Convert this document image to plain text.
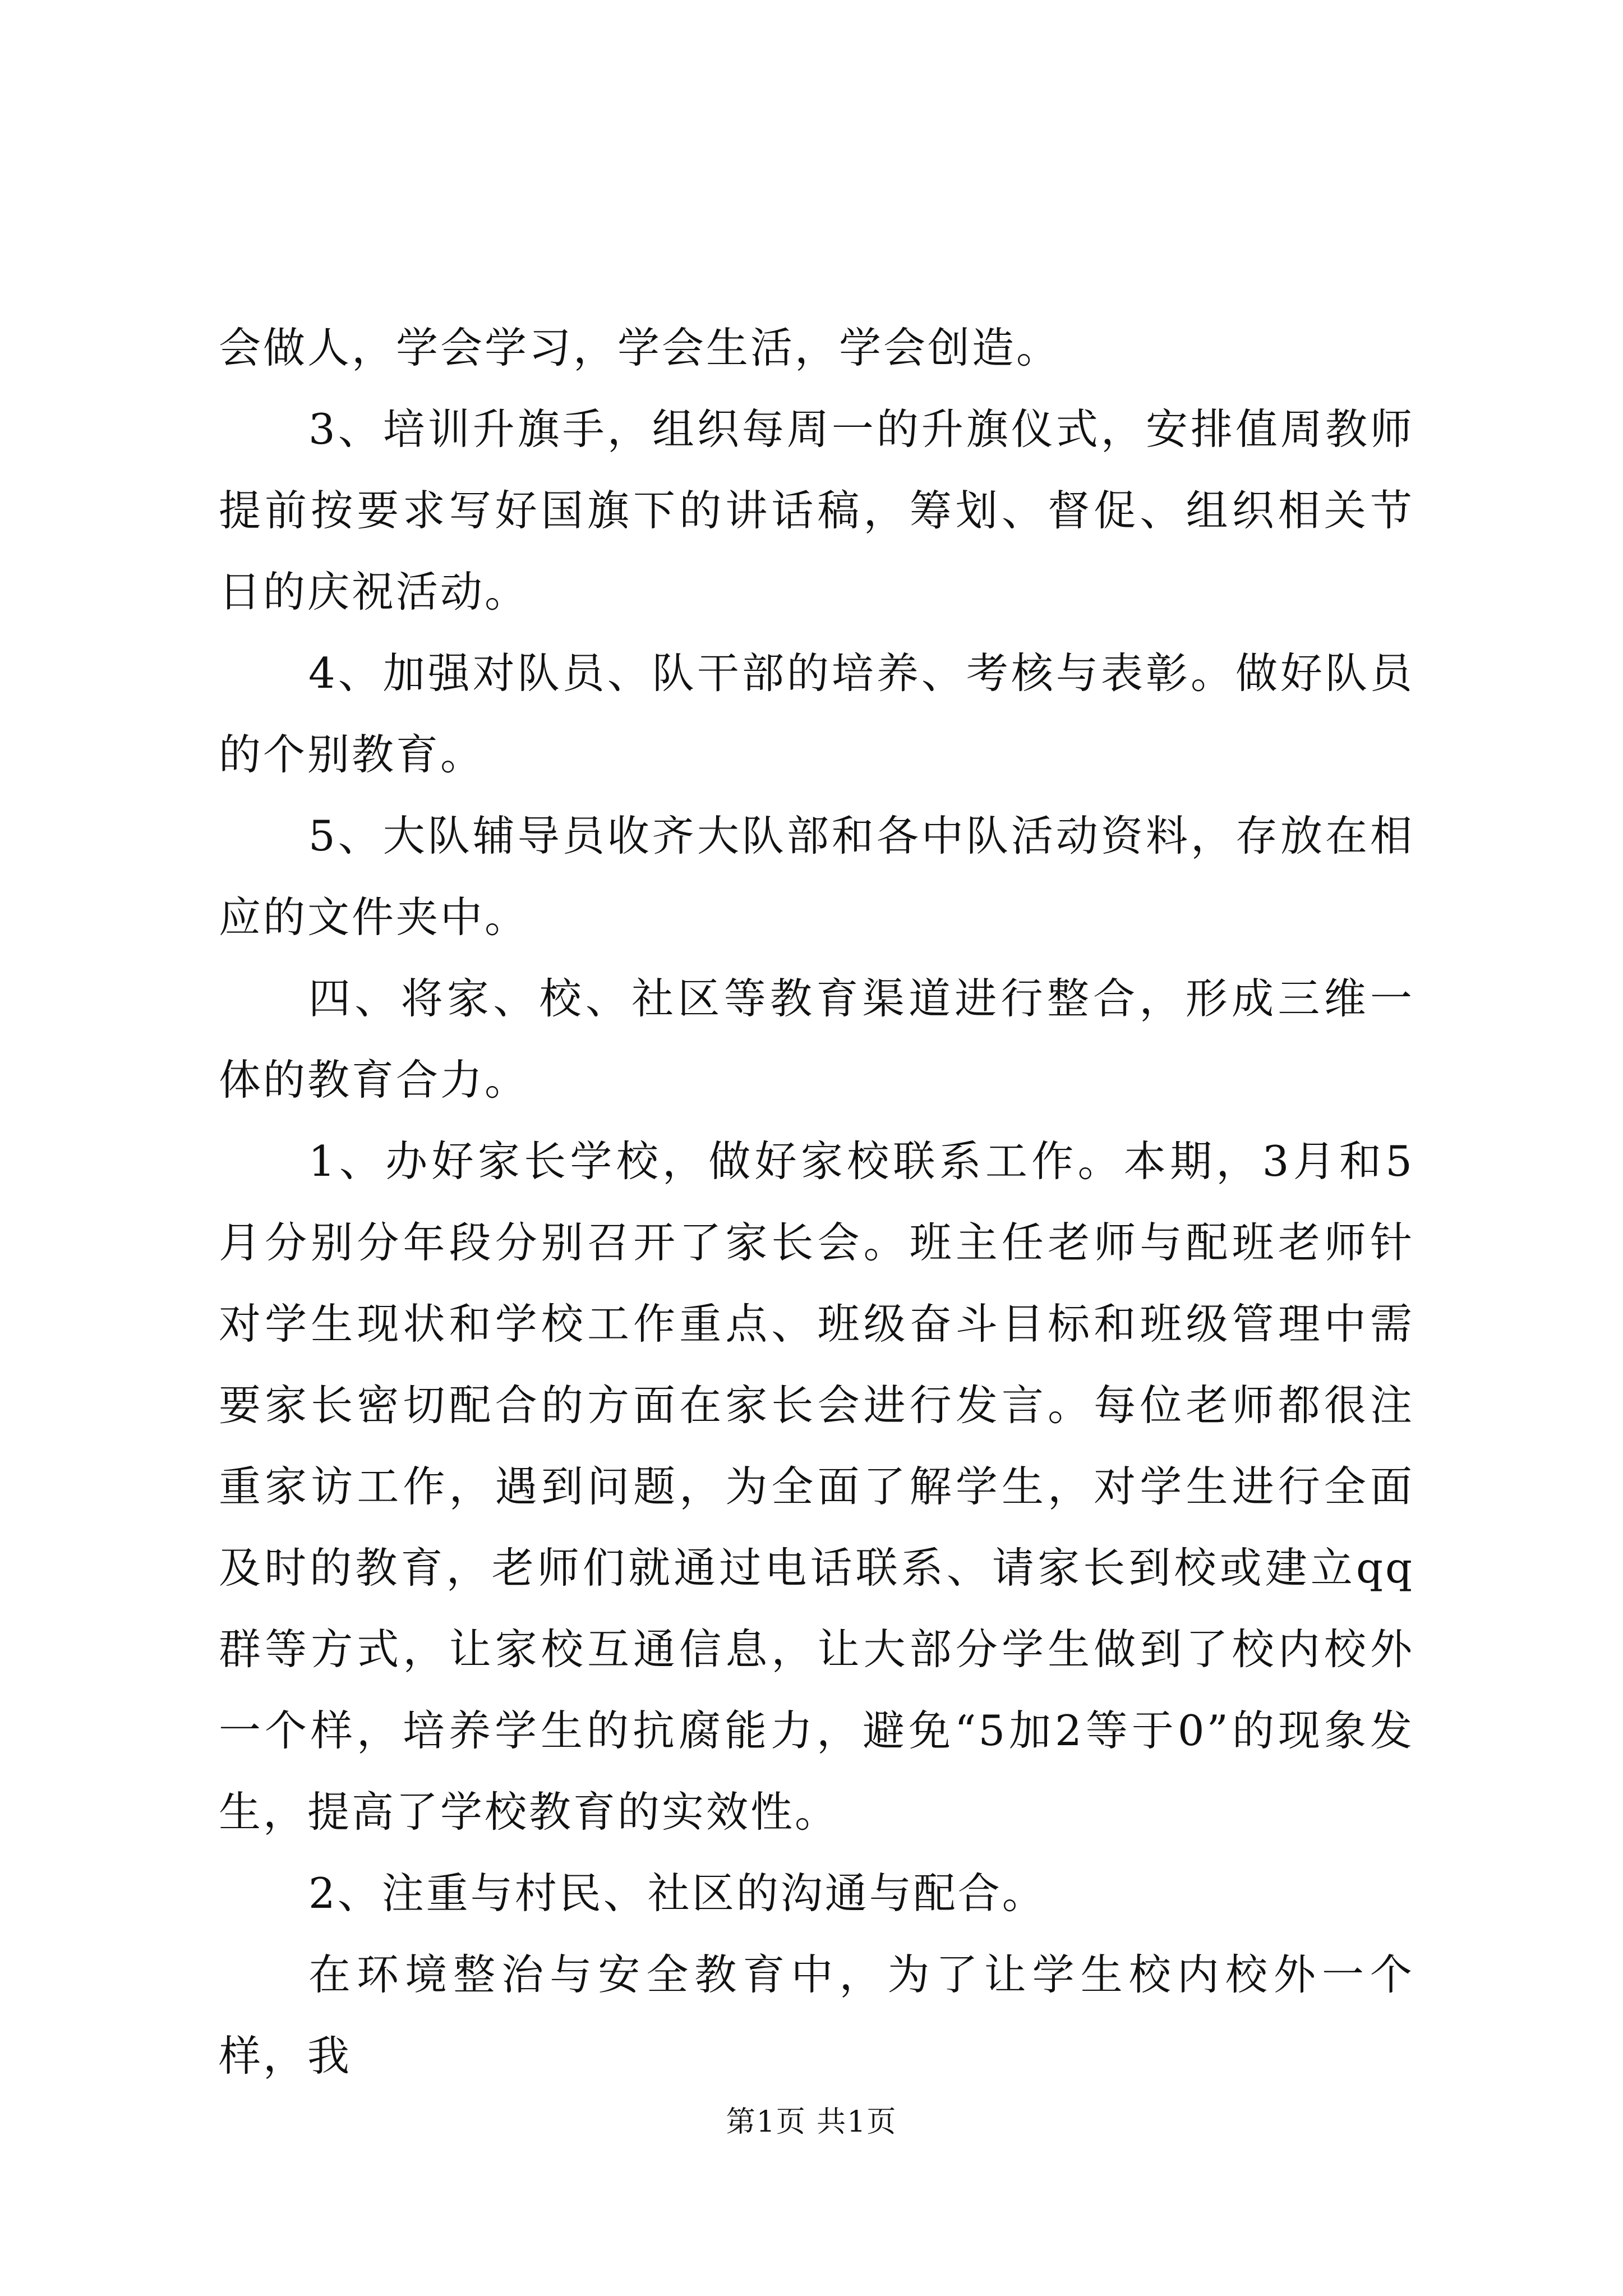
会做人，学会学习，学会生活，学会创造。

3、培训升旗手，组织每周一的升旗仪式，安排值周教师提前按要求写好国旗下的讲话稿，筹划、督促、组织相关节日的庆祝活动。

4、加强对队员、队干部的培养、考核与表彰。做好队员的个别教育。

5、大队辅导员收齐大队部和各中队活动资料，存放在相应的文件夹中。

四、将家、校、社区等教育渠道进行整合，形成三维一体的教育合力。

1、办好家长学校，做好家校联系工作。本期，3月和5月分别分年段分别召开了家长会。班主任老师与配班老师针对学生现状和学校工作重点、班级奋斗目标和班级管理中需要家长密切配合的方面在家长会进行发言。每位老师都很注重家访工作，遇到问题，为全面了解学生，对学生进行全面及时的教育，老师们就通过电话联系、请家长到校或建立qq群等方式，让家校互通信息，让大部分学生做到了校内校外一个样，培养学生的抗腐能力，避免“5加2等于0”的现象发生，提高了学校教育的实效性。

2、注重与村民、社区的沟通与配合。

在环境整治与安全教育中，为了让学生校内校外一个样，我

第1页 共1页
